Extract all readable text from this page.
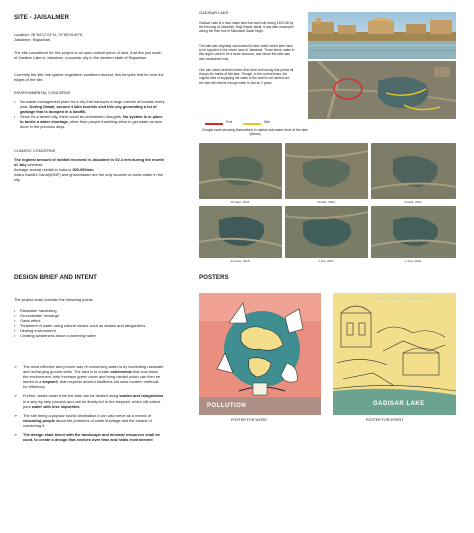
SITE - JAISALMER
Location: 26°54'17.01"N, 70°55'19.60"E,
Jaisalmer, Rajasthan.
The site considered for this project is an open unbuilt piece of land, that lies just south of Gadisar Lake in Jaisalmer, a popular city in the western state of Rajasthan.
Currently the site has sparse vegetation scattered around, few temples that lie near the edges of the site.
ENVIRONMENTAL CONCERNS
• No waste management plant for a city that harbours a large volume of tourists every year. During Diwali, around 4 lakh tourists visit this city generating a lot of garbage that is dumped in a landfill.
• Since it's a desert city, there could be unforeseen droughts. No system is in place to tackle a water shortage, other than people travelling miles to get water as was done in the previous days.
CLIMATIC CONCERNS
The highest amount of rainfall received in Jaisalmer is 52.4 mm during the month of July whereas
Average annual rainfall in India is 300-650mm
Indira Gandhi Canal(IGNP) and groundwater are the only sources of clean water in the city.
GADISAR LAKE
Gadisar Lake is a man-made lake that was built during 1400 AD by the first king of Jaisalmer, Raja Rawal Jaisal. It was later revamped during the then rule of Maharwal Gadsi Singh.
The lake was originally constructed to store water which later used to be supplied to the whole town of Jaisalmer. Those times, water in this region used to be a scare resource, and hence this lake was also considered holy.
One can notice several shrines that were built during that period all though the banks of this lake. Though, in the current times, the original idea of supplying the water to the town is not carried out, the lake still retains enough water to last for 2 years.
Fort	Site
Google earth showing fluctuations in rainfall and water level of the lake (below)
16 Sept, 2003	20 Mar, 2004	23 Mar, 2010
24 June, 2016	1 Oct, 2017	1 Aug, 2019
DESIGN BRIEF AND INTENT
The project shall consider the following points:
• Rainwater harvesting
• Groundwater recharge
• Oasis effect
• Treatment of water using natural means such as swales and raingardens
• Healing environment
• Creating awareness about conserving water
➢ The most effective and proven way of conserving water is by harvesting rainwater and recharging ground wells. The idea is to create catchments that cool down the environment, help increase green cover and bring rainfall which can then be stored in a stepwell, that respects ancient traditions but uses modern methods for efficiency
➢ Further, waste water from the lake can be treated using swales and raingardens in a step by step process and can be finally led to the stepwell, which will collect pure water with less impurities.
➢ The site being a popular tourist destination it can also serve as a means of educating people about the problems of water shortage and the means of countering it.
➢ The design shall blend with the landscape and minimal resources shall be used, to create a design that evolves over time and heals environment
POSTERS
POLLUTION
SUSTAINABLE VARIANCES
GADISAR LAKE
POSTER FOR WORD	POSTER FOR INTENT
